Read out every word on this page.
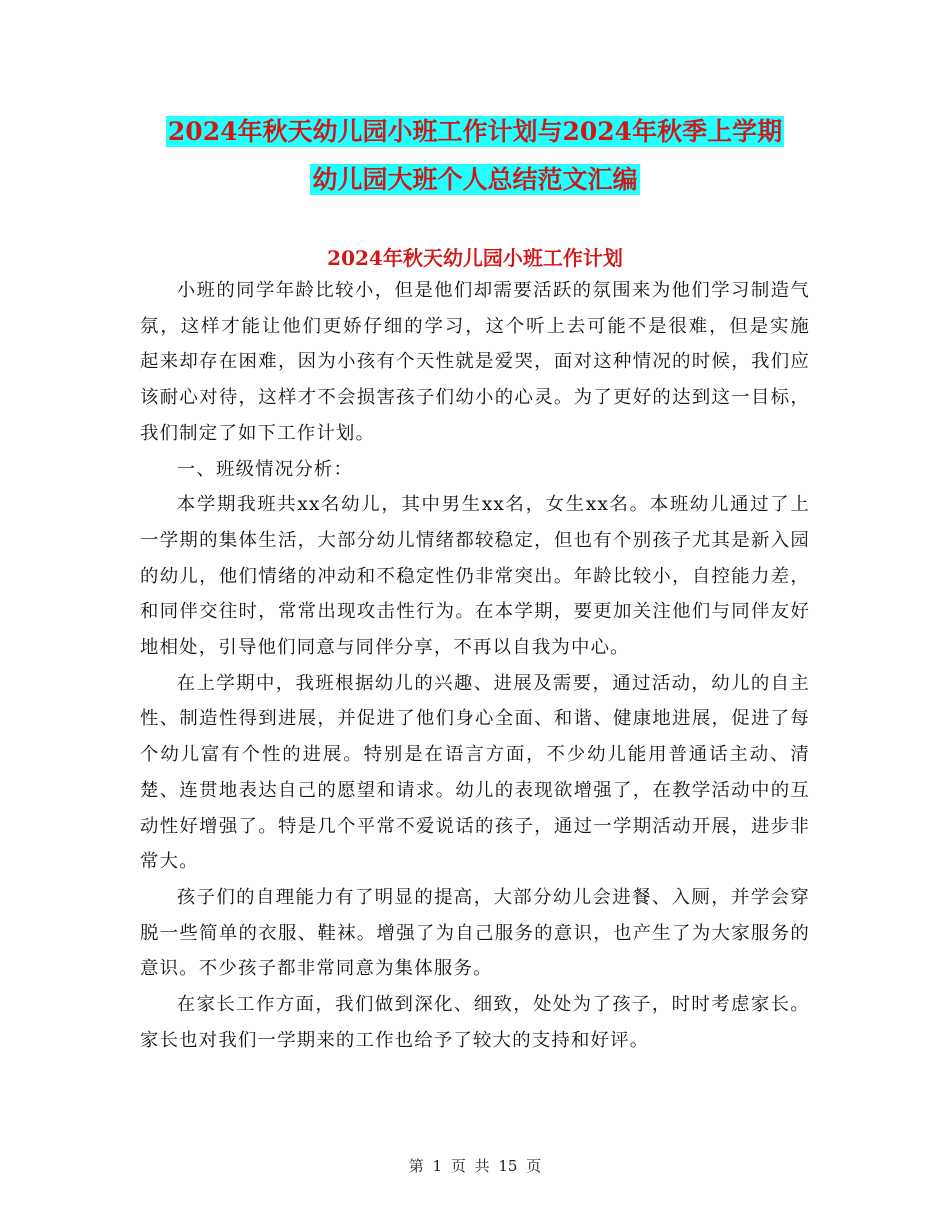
2024年秋天幼儿园小班工作计划与2024年秋季上学期
幼儿园大班个人总结范文汇编
2024年秋天幼儿园小班工作计划

小班的同学年龄比较小，但是他们却需要活跃的氛围来为他们学习制造气氛，这样才能让他们更娇仔细的学习，这个听上去可能不是很难，但是实施 起来却存在困难，因为小孩有个天性就是爱哭，面对这种情况的时候，我们应该耐心对待，这样才不会损害孩子们幼小的心灵。为了更好的达到这一目标，我们制定了如下工作计划。

一、班级情况分析：

本学期我班共xx名幼儿，其中男生xx名，女生xx名。本班幼儿通过了上一学期的集体生活，大部分幼儿情绪都较稳定，但也有个别孩子尤其是新入园的幼儿，他们情绪的冲动和不稳定性仍非常突出。年龄比较小，自控能力差，和同伴交往时，常常出现攻击性行为。在本学期，要更加关注他们与同伴友好地相处，引导他们同意与同伴分享，不再以自我为中心。

在上学期中，我班根据幼儿的兴趣、进展及需要，通过活动，幼儿的自主性、制造性得到进展，并促进了他们身心全面、和谐、健康地进展，促进了每个幼儿富有个性的进展。特别是在语言方面，不少幼儿能用普通话主动、清楚、连贯地表达自己的愿望和请求。幼儿的表现欲增强了，在教学活动中的互动性好增强了。特是几个平常不爱说话的孩子，通过一学期活动开展，进步非常大。

孩子们的自理能力有了明显的提高，大部分幼儿会进餐、入厕，并学会穿脱一些简单的衣服、鞋袜。增强了为自己服务的意识，也产生了为大家服务的意识。不少孩子都非常同意为集体服务。

在家长工作方面，我们做到深化、细致，处处为了孩子，时时考虑家长。家长也对我们一学期来的工作也给予了较大的支持和好评。

第 1 页 共 15 页
